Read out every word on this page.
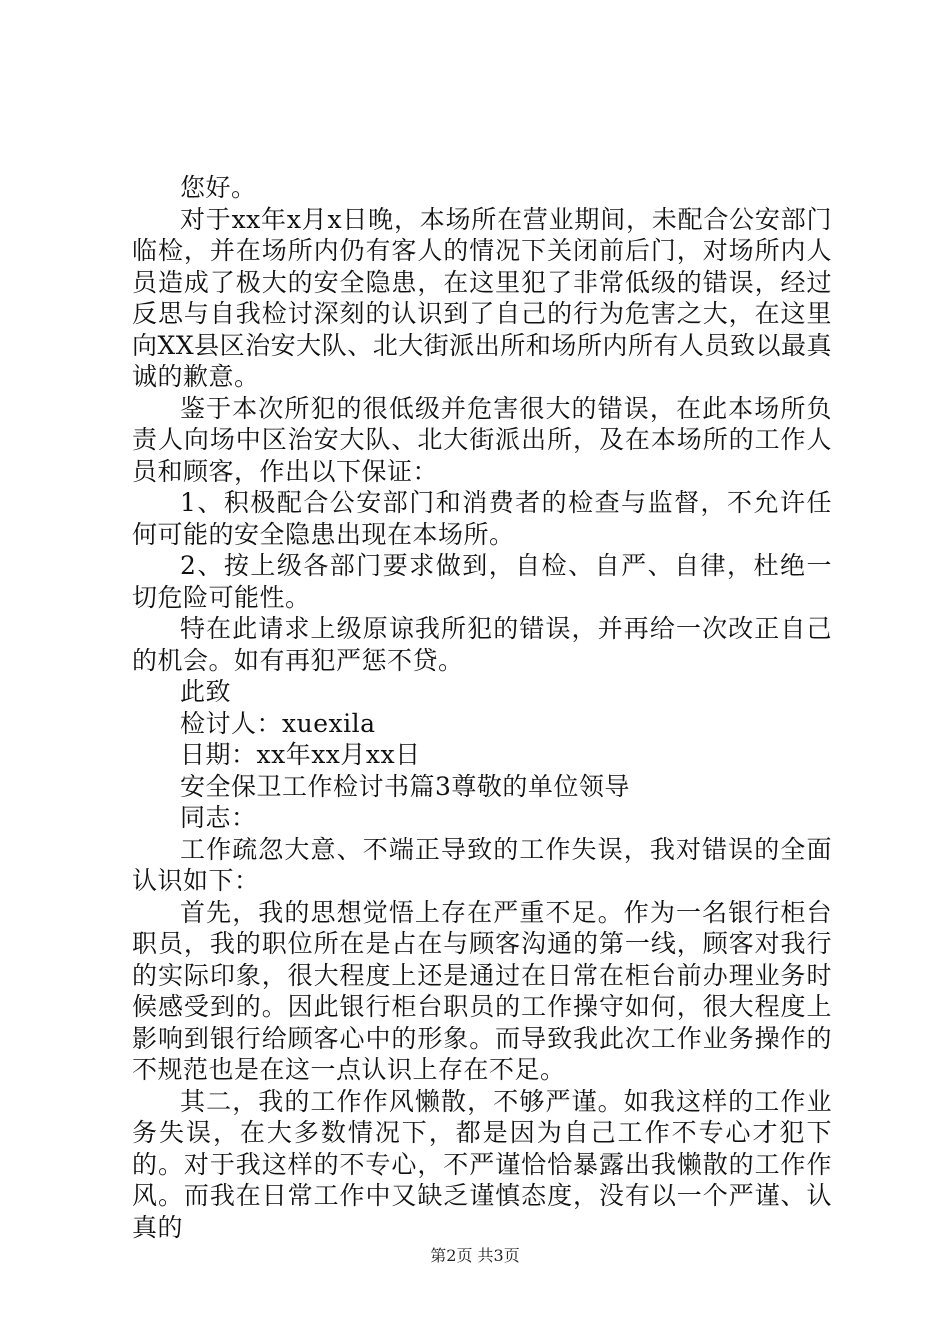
您好。

对于xx年x月x日晚，本场所在营业期间，未配合公安部门临检，并在场所内仍有客人的情况下关闭前后门，对场所内人员造成了极大的安全隐患，在这里犯了非常低级的错误，经过反思与自我检讨深刻的认识到了自己的行为危害之大，在这里向XX县区治安大队、北大街派出所和场所内所有人员致以最真诚的歉意。

鉴于本次所犯的很低级并危害很大的错误，在此本场所负责人向场中区治安大队、北大街派出所，及在本场所的工作人员和顾客，作出以下保证：

1、积极配合公安部门和消费者的检查与监督，不允许任何可能的安全隐患出现在本场所。

2、按上级各部门要求做到，自检、自严、自律，杜绝一切危险可能性。

特在此请求上级原谅我所犯的错误，并再给一次改正自己的机会。如有再犯严惩不贷。

此致

检讨人：xuexila

日期：xx年xx月xx日

安全保卫工作检讨书篇3尊敬的单位领导

同志：

工作疏忽大意、不端正导致的工作失误，我对错误的全面认识如下：

首先，我的思想觉悟上存在严重不足。作为一名银行柜台职员，我的职位所在是占在与顾客沟通的第一线，顾客对我行的实际印象，很大程度上还是通过在日常在柜台前办理业务时候感受到的。因此银行柜台职员的工作操守如何，很大程度上影响到银行给顾客心中的形象。而导致我此次工作业务操作的不规范也是在这一点认识上存在不足。

其二，我的工作作风懒散，不够严谨。如我这样的工作业务失误，在大多数情况下，都是因为自己工作不专心才犯下的。对于我这样的不专心，不严谨恰恰暴露出我懒散的工作作风。而我在日常工作中又缺乏谨慎态度，没有以一个严谨、认真的

第2页 共3页
